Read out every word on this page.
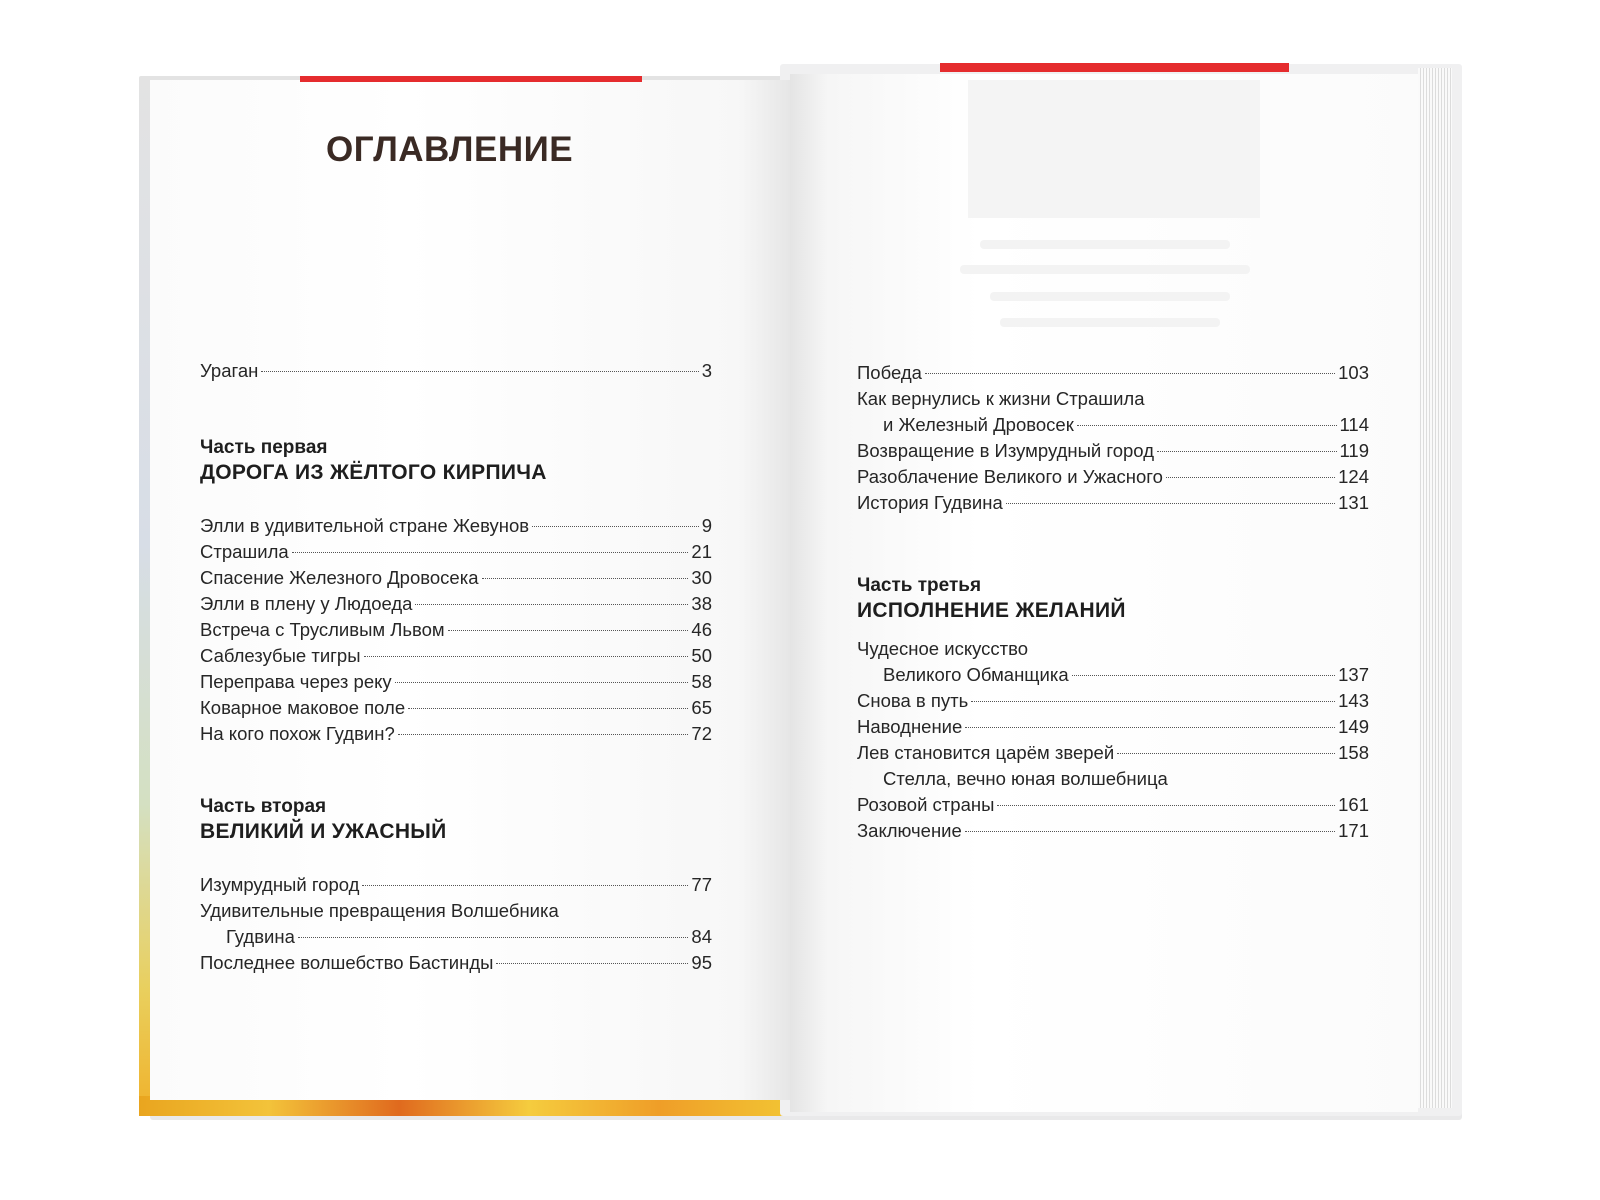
ОГЛАВЛЕНИЕ
Ураган	3
Часть первая
ДОРОГА ИЗ ЖЁЛТОГО КИРПИЧА
Элли в удивительной стране Жевунов	9
Страшила	21
Спасение Железного Дровосека	30
Элли в плену у Людоеда	38
Встреча с Трусливым Львом	46
Саблезубые тигры	50
Переправа через реку	58
Коварное маковое поле	65
На кого похож Гудвин?	72
Часть вторая
ВЕЛИКИЙ И УЖАСНЫЙ
Изумрудный город	77
Удивительные превращения Волшебника
Гудвина	84
Последнее волшебство Бастинды	95
Победа	103
Как вернулись к жизни Страшила
и Железный Дровосек	114
Возвращение в Изумрудный город	119
Разоблачение Великого и Ужасного	124
История Гудвина	131
Часть третья
ИСПОЛНЕНИЕ ЖЕЛАНИЙ
Чудесное искусство
Великого Обманщика	137
Снова в путь	143
Наводнение	149
Лев становится царём зверей	158
Стелла, вечно юная волшебница
Розовой страны	161
Заключение	171
